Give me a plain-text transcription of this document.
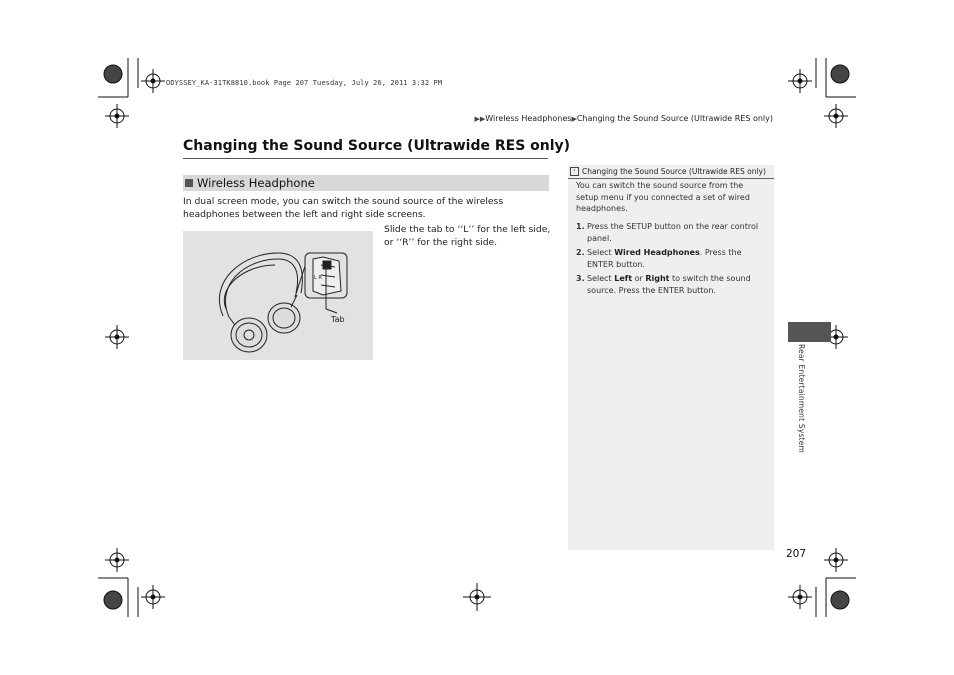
ODYSSEY_KA-31TK8810.book Page 207 Tuesday, July 26, 2011 3:32 PM
▶▶Wireless Headphones▶Changing the Sound Source (Ultrawide RES only)
Changing the Sound Source (Ultrawide RES only)
Wireless Headphone
In dual screen mode, you can switch the sound source of the wireless headphones between the left and right side screens.
L R
Tab
Slide the tab to ‘‘L’’ for the left side, or ‘‘R’’ for the right side.
› Changing the Sound Source (Ultrawide RES only)
You can switch the sound source from the setup menu if you connected a set of wired headphones.
1. Press the SETUP button on the rear control panel.
2. Select Wired Headphones. Press the ENTER button.
3. Select Left or Right to switch the sound source. Press the ENTER button.
Rear Entertainment System
207
